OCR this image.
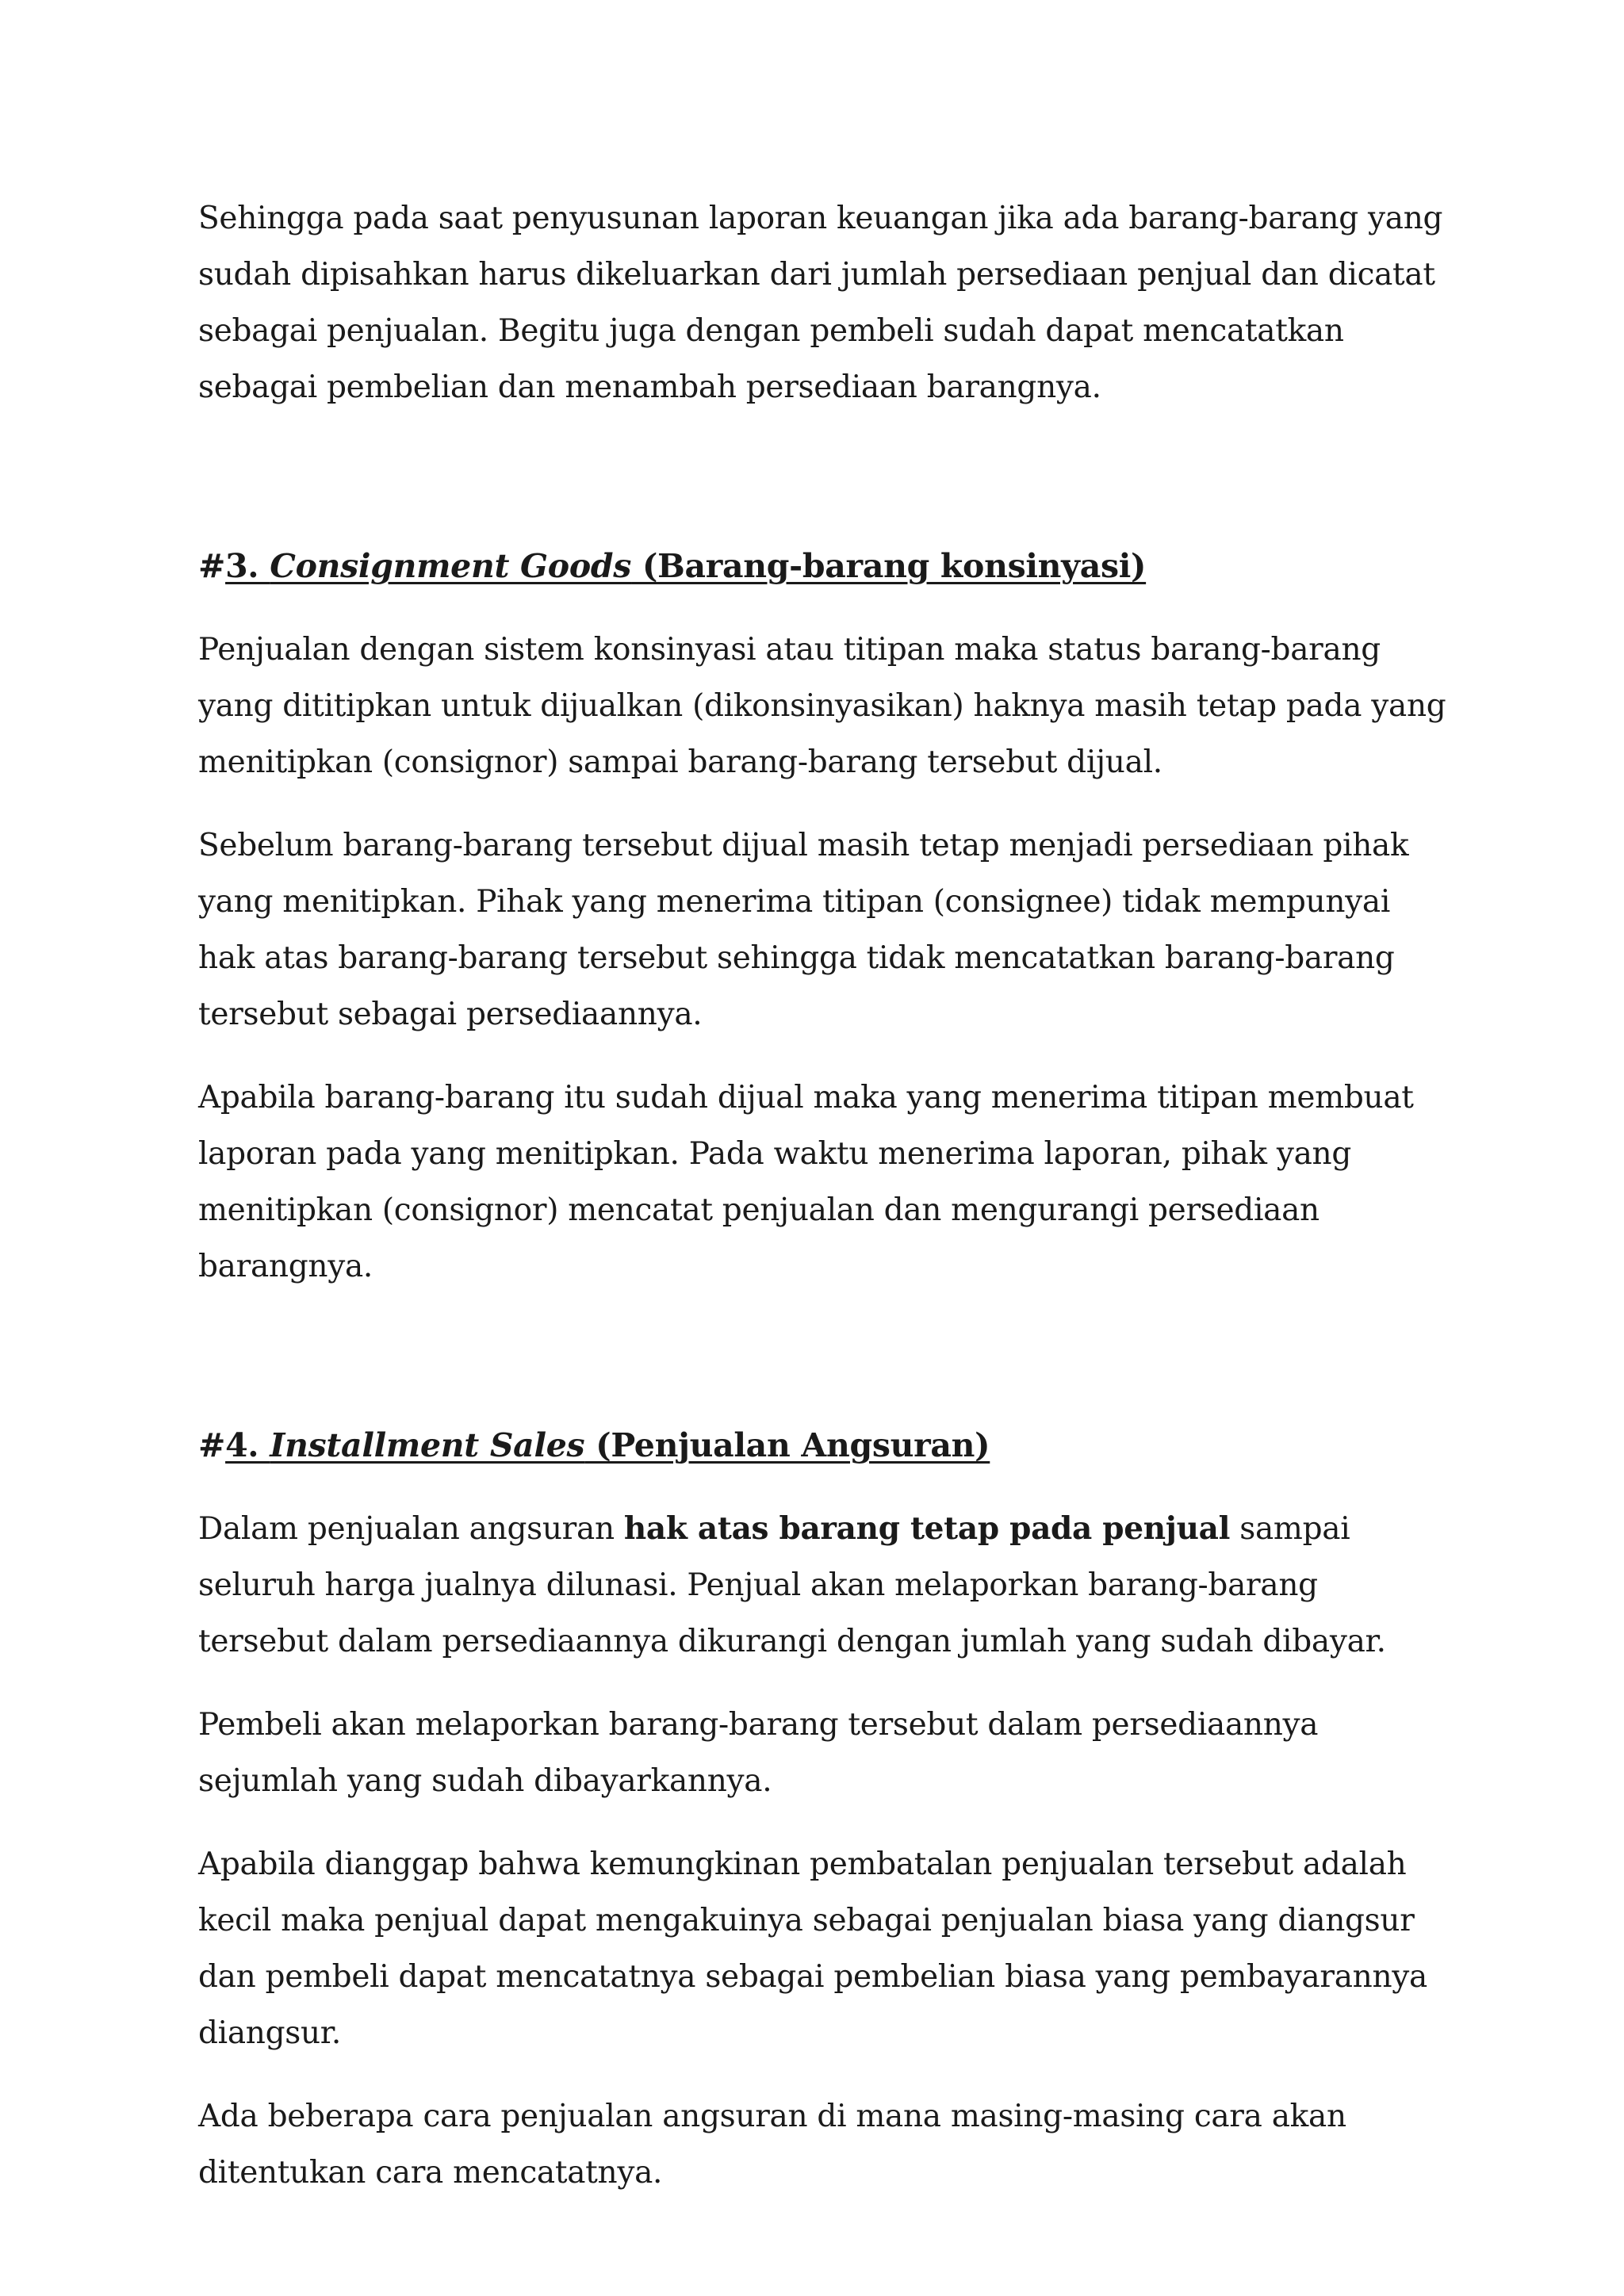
Sehingga pada saat penyusunan laporan keuangan jika ada barang-barang yang sudah dipisahkan harus dikeluarkan dari jumlah persediaan penjual dan dicatat sebagai penjualan. Begitu juga dengan pembeli sudah dapat mencatatkan sebagai pembelian dan menambah persediaan barangnya.

#3. Consignment Goods (Barang-barang konsinyasi)

Penjualan dengan sistem konsinyasi atau titipan maka status barang-barang yang dititipkan untuk dijualkan (dikonsinyasikan) haknya masih tetap pada yang menitipkan (consignor) sampai barang-barang tersebut dijual.

Sebelum barang-barang tersebut dijual masih tetap menjadi persediaan pihak yang menitipkan. Pihak yang menerima titipan (consignee) tidak mempunyai hak atas barang-barang tersebut sehingga tidak mencatatkan barang-barang tersebut sebagai persediaannya.

Apabila barang-barang itu sudah dijual maka yang menerima titipan membuat laporan pada yang menitipkan. Pada waktu menerima laporan, pihak yang menitipkan (consignor) mencatat penjualan dan mengurangi persediaan barangnya.

#4. Installment Sales (Penjualan Angsuran)

Dalam penjualan angsuran hak atas barang tetap pada penjual sampai seluruh harga jualnya dilunasi. Penjual akan melaporkan barang-barang tersebut dalam persediaannya dikurangi dengan jumlah yang sudah dibayar.

Pembeli akan melaporkan barang-barang tersebut dalam persediaannya sejumlah yang sudah dibayarkannya.

Apabila dianggap bahwa kemungkinan pembatalan penjualan tersebut adalah kecil maka penjual dapat mengakuinya sebagai penjualan biasa yang diangsur dan pembeli dapat mencatatnya sebagai pembelian biasa yang pembayarannya diangsur.

Ada beberapa cara penjualan angsuran di mana masing-masing cara akan ditentukan cara mencatatnya.
